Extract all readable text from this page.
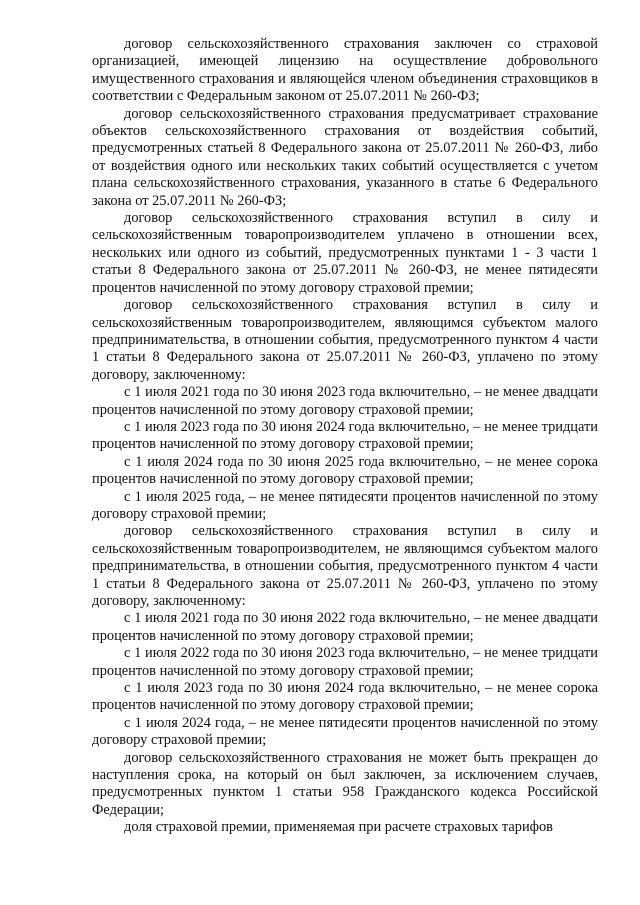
договор сельскохозяйственного страхования заключен со страховой организацией, имеющей лицензию на осуществление добровольного имущественного страхования и являющейся членом объединения страховщиков в соответствии с Федеральным законом от 25.07.2011 № 260-ФЗ;

договор сельскохозяйственного страхования предусматривает страхование объектов сельскохозяйственного страхования от воздействия событий, предусмотренных статьей 8 Федерального закона от 25.07.2011 № 260-ФЗ, либо от воздействия одного или нескольких таких событий осуществляется с учетом плана сельскохозяйственного страхования, указанного в статье 6 Федерального закона от 25.07.2011 № 260-ФЗ;

договор сельскохозяйственного страхования вступил в силу и сельскохозяйственным товаропроизводителем уплачено в отношении всех, нескольких или одного из событий, предусмотренных пунктами 1 - 3 части 1 статьи 8 Федерального закона от 25.07.2011 № 260-ФЗ, не менее пятидесяти процентов начисленной по этому договору страховой премии;

договор сельскохозяйственного страхования вступил в силу и сельскохозяйственным товаропроизводителем, являющимся субъектом малого предпринимательства, в отношении события, предусмотренного пунктом 4 части 1 статьи 8 Федерального закона от 25.07.2011 № 260-ФЗ, уплачено по этому договору, заключенному:

с 1 июля 2021 года по 30 июня 2023 года включительно, – не менее двадцати процентов начисленной по этому договору страховой премии;

с 1 июля 2023 года по 30 июня 2024 года включительно, – не менее тридцати процентов начисленной по этому договору страховой премии;

с 1 июля 2024 года по 30 июня 2025 года включительно, – не менее сорока процентов начисленной по этому договору страховой премии;

с 1 июля 2025 года, – не менее пятидесяти процентов начисленной по этому договору страховой премии;

договор сельскохозяйственного страхования вступил в силу и сельскохозяйственным товаропроизводителем, не являющимся субъектом малого предпринимательства, в отношении события, предусмотренного пунктом 4 части 1 статьи 8 Федерального закона от 25.07.2011 № 260-ФЗ, уплачено по этому договору, заключенному:

с 1 июля 2021 года по 30 июня 2022 года включительно, – не менее двадцати процентов начисленной по этому договору страховой премии;

с 1 июля 2022 года по 30 июня 2023 года включительно, – не менее тридцати процентов начисленной по этому договору страховой премии;

с 1 июля 2023 года по 30 июня 2024 года включительно, – не менее сорока процентов начисленной по этому договору страховой премии;

с 1 июля 2024 года, – не менее пятидесяти процентов начисленной по этому договору страховой премии;

договор сельскохозяйственного страхования не может быть прекращен до наступления срока, на который он был заключен, за исключением случаев, предусмотренных пунктом 1 статьи 958 Гражданского кодекса Российской Федерации;

доля страховой премии, применяемая при расчете страховых тарифов
